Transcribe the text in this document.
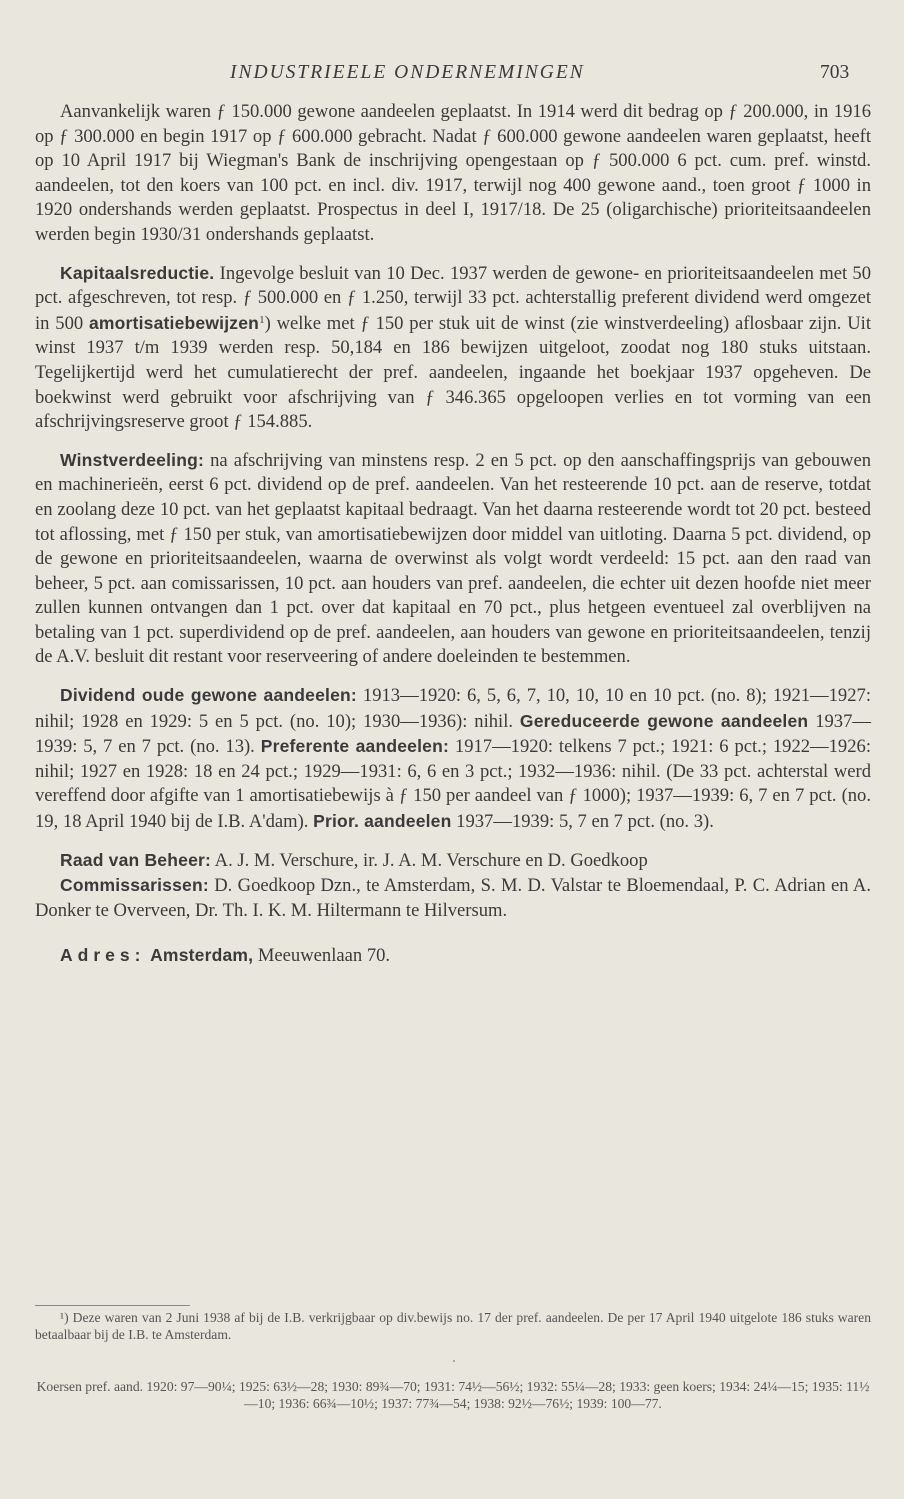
INDUSTRIEELE ONDERNEMINGEN	703

Aanvankelijk waren ƒ 150.000 gewone aandeelen geplaatst. In 1914 werd dit bedrag op ƒ 200.000, in 1916 op ƒ 300.000 en begin 1917 op ƒ 600.000 gebracht. Nadat ƒ 600.000 gewone aandeelen waren geplaatst, heeft op 10 April 1917 bij Wiegman's Bank de inschrijving opengestaan op ƒ 500.000 6 pct. cum. pref. winstd. aandeelen, tot den koers van 100 pct. en incl. div. 1917, terwijl nog 400 gewone aand., toen groot ƒ 1000 in 1920 ondershands werden geplaatst. Prospectus in deel I, 1917/18. De 25 (oligarchische) prioriteitsaandeelen werden begin 1930/31 ondershands geplaatst.

Kapitaalsreductie. Ingevolge besluit van 10 Dec. 1937 werden de gewone- en prioriteitsaandeelen met 50 pct. afgeschreven, tot resp. ƒ 500.000 en ƒ 1.250, terwijl 33 pct. achterstallig preferent dividend werd omgezet in 500 amortisatiebewijzen$^1$) welke met ƒ 150 per stuk uit de winst (zie winstverdeeling) aflosbaar zijn. Uit winst 1937 t/m 1939 werden resp. 50,184 en 186 bewijzen uitgeloot, zoodat nog 180 stuks uitstaan. Tegelijkertijd werd het cumulatierecht der pref. aandeelen, ingaande het boekjaar 1937 opgeheven. De boekwinst werd gebruikt voor afschrijving van ƒ 346.365 opgeloopen verlies en tot vorming van een afschrijvingsreserve groot ƒ 154.885.

Winstverdeeling: na afschrijving van minstens resp. 2 en 5 pct. op den aanschaffingsprijs van gebouwen en machinerieën, eerst 6 pct. dividend op de pref. aandeelen. Van het resteerende 10 pct. aan de reserve, totdat en zoolang deze 10 pct. van het geplaatst kapitaal bedraagt. Van het daarna resteerende wordt tot 20 pct. besteed tot aflossing, met ƒ 150 per stuk, van amortisatiebewijzen door middel van uitloting. Daarna 5 pct. dividend, op de gewone en prioriteitsaandeelen, waarna de overwinst als volgt wordt verdeeld: 15 pct. aan den raad van beheer, 5 pct. aan comissarissen, 10 pct. aan houders van pref. aandeelen, die echter uit dezen hoofde niet meer zullen kunnen ontvangen dan 1 pct. over dat kapitaal en 70 pct., plus hetgeen eventueel zal overblijven na betaling van 1 pct. superdividend op de pref. aandeelen, aan houders van gewone en prioriteitsaandeelen, tenzij de A.V. besluit dit restant voor reserveering of andere doeleinden te bestemmen.

Dividend oude gewone aandeelen: 1913—1920: 6, 5, 6, 7, 10, 10, 10 en 10 pct. (no. 8); 1921—1927: nihil; 1928 en 1929: 5 en 5 pct. (no. 10); 1930—1936): nihil. Gereduceerde gewone aandeelen 1937—1939: 5, 7 en 7 pct. (no. 13). Preferente aandeelen: 1917—1920: telkens 7 pct.; 1921: 6 pct.; 1922—1926: nihil; 1927 en 1928: 18 en 24 pct.; 1929—1931: 6, 6 en 3 pct.; 1932—1936: nihil. (De 33 pct. achterstal werd vereffend door afgifte van 1 amortisatiebewijs à ƒ 150 per aandeel van ƒ 1000); 1937—1939: 6, 7 en 7 pct. (no. 19, 18 April 1940 bij de I.B. A'dam). Prior. aandeelen 1937—1939: 5, 7 en 7 pct. (no. 3).

Raad van Beheer: A. J. M. Verschure, ir. J. A. M. Verschure en D. Goedkoop

Commissarissen: D. Goedkoop Dzn., te Amsterdam, S. M. D. Valstar te Bloemendaal, P. C. Adrian en A. Donker te Overveen, Dr. Th. I. K. M. Hiltermann te Hilversum.

Adres: Amsterdam, Meeuwenlaan 70.

¹) Deze waren van 2 Juni 1938 af bij de I.B. verkrijgbaar op div.bewijs no. 17 der pref. aandeelen. De per 17 April 1940 uitgelote 186 stuks waren betaalbaar bij de I.B. te Amsterdam.
Koersen pref. aand. 1920: 97—90¼; 1925: 63½—28; 1930: 89¾—70; 1931: 74½—56½; 1932: 55¼—28; 1933: geen koers; 1934: 24¼—15; 1935: 11½—10; 1936: 66¾—10½; 1937: 77¾—54; 1938: 92½—76½; 1939: 100—77.
